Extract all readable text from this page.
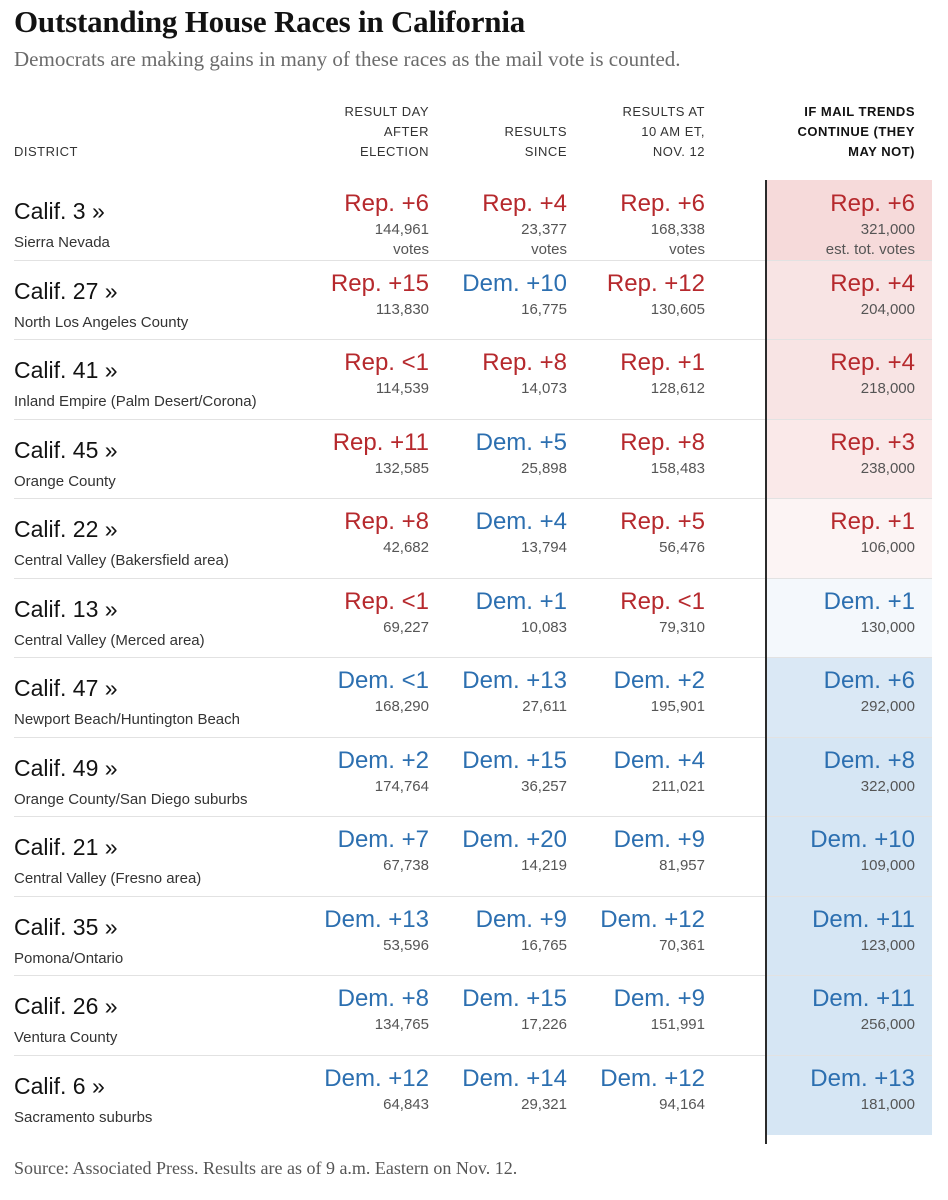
Outstanding House Races in California
Democrats are making gains in many of these races as the mail vote is counted.
DISTRICT
RESULT DAY
AFTER
ELECTION
RESULTS
SINCE
RESULTS AT
10 AM ET,
NOV. 12
IF MAIL TRENDS
CONTINUE (THEY
MAY NOT)
Calif. 3 »
Sierra Nevada
Rep. +6
144,961
votes
Rep. +4
23,377
votes
Rep. +6
168,338
votes
Rep. +6
321,000
est. tot. votes
Calif. 27 »
North Los Angeles County
Rep. +15
113,830
Dem. +10
16,775
Rep. +12
130,605
Rep. +4
204,000
Calif. 41 »
Inland Empire (Palm Desert/Corona)
Rep. <1
114,539
Rep. +8
14,073
Rep. +1
128,612
Rep. +4
218,000
Calif. 45 »
Orange County
Rep. +11
132,585
Dem. +5
25,898
Rep. +8
158,483
Rep. +3
238,000
Calif. 22 »
Central Valley (Bakersfield area)
Rep. +8
42,682
Dem. +4
13,794
Rep. +5
56,476
Rep. +1
106,000
Calif. 13 »
Central Valley (Merced area)
Rep. <1
69,227
Dem. +1
10,083
Rep. <1
79,310
Dem. +1
130,000
Calif. 47 »
Newport Beach/Huntington Beach
Dem. <1
168,290
Dem. +13
27,611
Dem. +2
195,901
Dem. +6
292,000
Calif. 49 »
Orange County/San Diego suburbs
Dem. +2
174,764
Dem. +15
36,257
Dem. +4
211,021
Dem. +8
322,000
Calif. 21 »
Central Valley (Fresno area)
Dem. +7
67,738
Dem. +20
14,219
Dem. +9
81,957
Dem. +10
109,000
Calif. 35 »
Pomona/Ontario
Dem. +13
53,596
Dem. +9
16,765
Dem. +12
70,361
Dem. +11
123,000
Calif. 26 »
Ventura County
Dem. +8
134,765
Dem. +15
17,226
Dem. +9
151,991
Dem. +11
256,000
Calif. 6 »
Sacramento suburbs
Dem. +12
64,843
Dem. +14
29,321
Dem. +12
94,164
Dem. +13
181,000
Source: Associated Press. Results are as of 9 a.m. Eastern on Nov. 12.
